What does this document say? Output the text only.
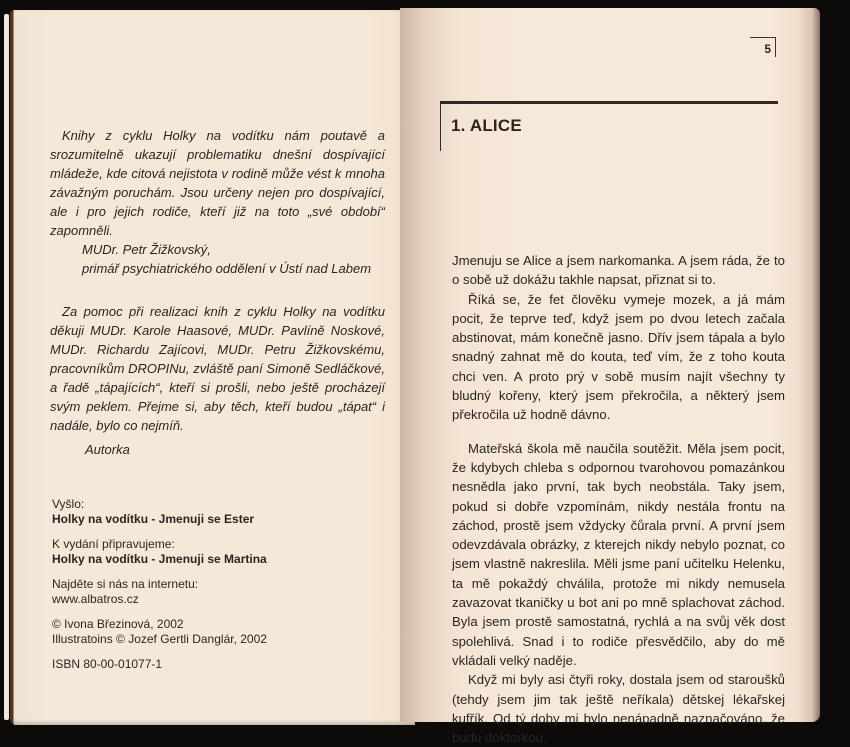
Knihy z cyklu Holky na vodítku nám poutavě a srozumitelně ukazují problematiku dnešní dospívající mládeže, kde citová nejistota v rodině může vést k mnoha závažným poruchám. Jsou určeny nejen pro dospívající, ale i pro jejich rodiče, kteří již na toto „své období“ zapomněli.

MUDr. Petr Žižkovský,
primář psychiatrického oddělení v Ústí nad Labem

Za pomoc při realizaci knih z cyklu Holky na vodítku děkuji MUDr. Karole Haasové, MUDr. Pavlíně Noskové, MUDr. Richardu Zajícovi, MUDr. Petru Žižkovskému, pracovníkům DROPINu, zvláště paní Simoně Sedláčkové, a řadě „tápajících“, kteří si prošli, nebo ještě procházejí svým peklem. Přejme si, aby těch, kteří budou „tápat“ i nadále, bylo co nejmíň.

Autorka
Vyšlo:
Holky na vodítku - Jmenuji se Ester
K vydání připravujeme:
Holky na vodítku - Jmenuji se Martina
Najděte si nás na internetu:
www.albatros.cz
© Ivona Březinová, 2002
Illustratoins © Jozef Gertli Danglár, 2002
ISBN 80-00-01077-1
5
1. ALICE

Jmenuju se Alice a jsem narkomanka. A jsem ráda, že to o sobě už dokážu takhle napsat, přiznat si to.

Říká se, že fet člověku vymeje mozek, a já mám pocit, že teprve teď, když jsem po dvou letech začala abstinovat, mám konečně jasno. Dřív jsem tápala a bylo snadný zahnat mě do kouta, teď vím, že z toho kouta chci ven. A proto prý v sobě musím najít všechny ty bludný kořeny, který jsem překročila, a některý jsem překročila už hodně dávno.

Mateřská škola mě naučila soutěžit. Měla jsem pocit, že kdybych chleba s odpornou tvarohovou pomazánkou nesnědla jako první, tak bych neobstála. Taky jsem, pokud si dobře vzpomínám, nikdy nestála frontu na záchod, prostě jsem vždycky čůrala první. A první jsem odevzdávala obrázky, z kterejch nikdy nebylo poznat, co jsem vlastně nakreslila. Měli jsme paní učitelku Helenku, ta mě pokaždý chválila, protože mi nikdy nemusela zavazovat tkaničky u bot ani po mně splachovat záchod. Byla jsem prostě samostatná, rychlá a na svůj věk dost spolehlivá. Snad i to rodiče přesvědčilo, aby do mě vkládali velký naděje.

Když mi byly asi čtyři roky, dostala jsem od staroušků (tehdy jsem jim tak ještě neříkala) dětskej lékařskej kufřík. Od tý doby mi bylo nenápadně naznačováno, že budu doktorkou.
